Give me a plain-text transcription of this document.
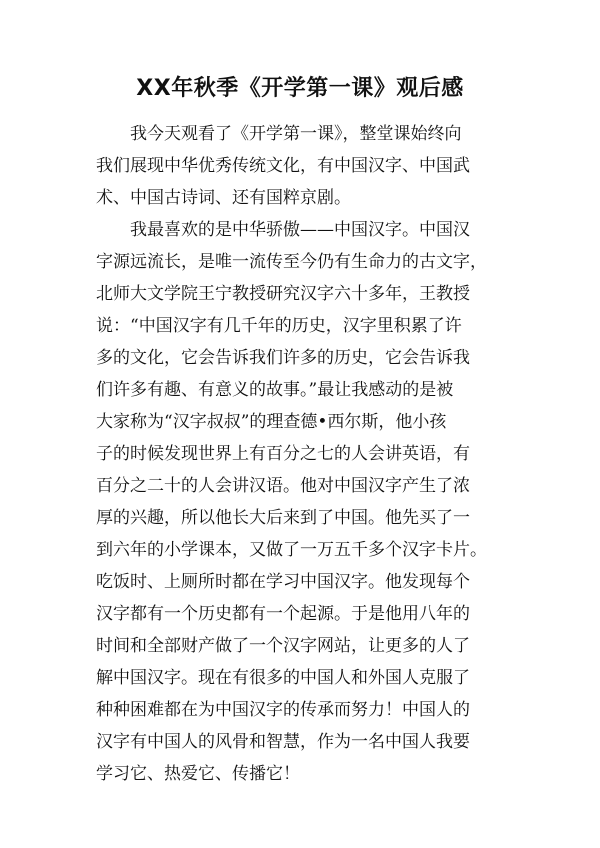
XX年秋季《开学第一课》观后感
我今天观看了《开学第一课》，整堂课始终向
我们展现中华优秀传统文化，有中国汉字、中国武
术、中国古诗词、还有国粹京剧。
我最喜欢的是中华骄傲——中国汉字。中国汉
字源远流长，是唯一流传至今仍有生命力的古文字，
北师大文学院王宁教授研究汉字六十多年，王教授
说：“中国汉字有几千年的历史，汉字里积累了许
多的文化，它会告诉我们许多的历史，它会告诉我
们许多有趣、有意义的故事。”最让我感动的是被
大家称为“汉字叔叔”的理查德•西尔斯，他小孩
子的时候发现世界上有百分之七的人会讲英语，有
百分之二十的人会讲汉语。他对中国汉字产生了浓
厚的兴趣，所以他长大后来到了中国。他先买了一
到六年的小学课本，又做了一万五千多个汉字卡片。
吃饭时、上厕所时都在学习中国汉字。他发现每个
汉字都有一个历史都有一个起源。于是他用八年的
时间和全部财产做了一个汉字网站，让更多的人了
解中国汉字。现在有很多的中国人和外国人克服了
种种困难都在为中国汉字的传承而努力！中国人的
汉字有中国人的风骨和智慧，作为一名中国人我要
学习它、热爱它、传播它！
